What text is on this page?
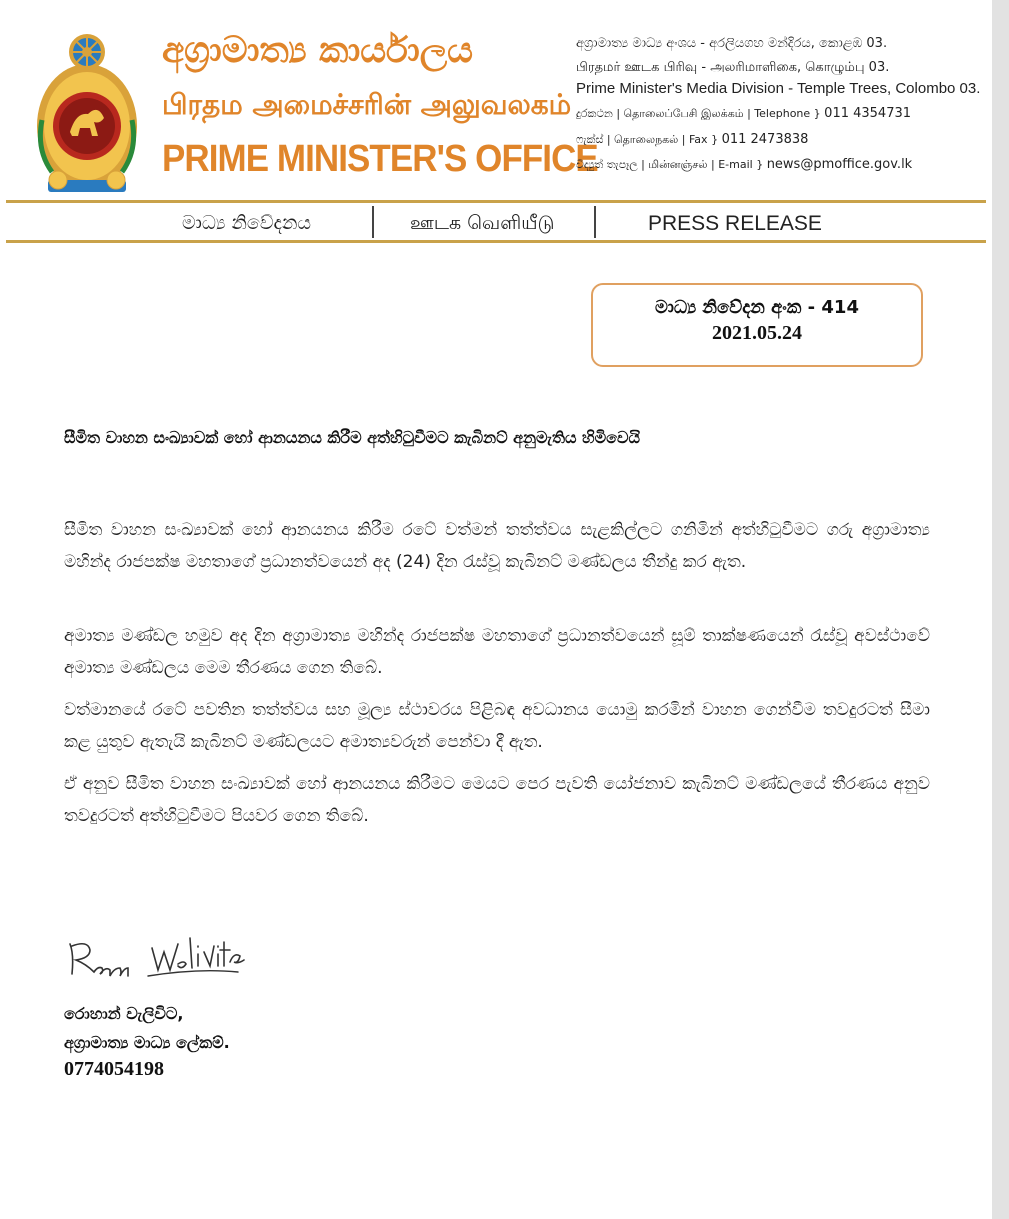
අග්‍රාමාත්‍ය කාර්යාලය
பிரதம அமைச்சரின் அலுவலகம்
PRIME MINISTER'S OFFICE
අග්‍රාමාත්‍ය මාධ්‍ය අංශය - අරලියගහ මන්දිරය, කොළඹ 03.
பிரதமர் ஊடக பிரிவு - அலரிமாளிகை, கொழும்பு 03.
Prime Minister's Media Division - Temple Trees, Colombo 03.
දුරකථන | தொலைப்பேசி இலக்கம் | Telephone } 011 4354731
ෆැක්ස් | தொலைநகல் | Fax } 011 2473838
විද්‍යුත් තැපෑල | மின்னஞ்சல் | E-mail } news@pmoffice.gov.lk
මාධ්‍ය නිවේදනය	ஊடக வெளியீடு	PRESS RELEASE
මාධ්‍ය නිවේදන අංක - 414
2021.05.24
සීමිත වාහන සංඛ්‍යාවක් හෝ ආනයනය කිරීම අත්හිටුවීමට කැබිනට් අනුමැතිය හිමිවෙයි
සීමිත වාහන සංඛ්‍යාවක් හෝ ආනයනය කිරීම රටේ වත්මන් තත්ත්වය සැළකිල්ලට ගනිමින් අත්හිටුවීමට ගරු අග්‍රාමාත්‍ය මහින්ද රාජපක්ෂ මහතාගේ ප්‍රධානත්වයෙන් අද (24) දින රැස්වූ කැබිනට් මණ්ඩලය තීන්දු කර ඇත.
අමාත්‍ය මණ්ඩල හමුව අද දින අග්‍රාමාත්‍ය මහින්ද රාජපක්ෂ මහතාගේ ප්‍රධානත්වයෙන් සූම් තාක්ෂණයෙන් රැස්වූ අවස්ථාවේ අමාත්‍ය මණ්ඩලය මෙම තීරණය ගෙන තිබේ.
වත්මානයේ රටේ පවතින තත්ත්වය සහ මූල්‍ය ස්ථාවරය පිළිබඳ අවධානය යොමු කරමින් වාහන ගෙන්වීම තවදුරටත් සීමා කළ යුතුව ඇතැයි කැබිනට් මණ්ඩලයට අමාත්‍යවරුන් පෙන්වා දී ඇත.
ඒ අනුව සීමිත වාහන සංඛ්‍යාවක් හෝ ආනයනය කිරීමට මෙයට පෙර පැවති යෝජනාව කැබිනට් මණ්ඩලයේ තීරණය අනුව තවදුරටත් අත්හිටුවීමට පියවර ගෙන තිබේ.
රොහාන් වැලිවිට,
අග්‍රාමාත්‍ය මාධ්‍ය ලේකම්.
0774054198
